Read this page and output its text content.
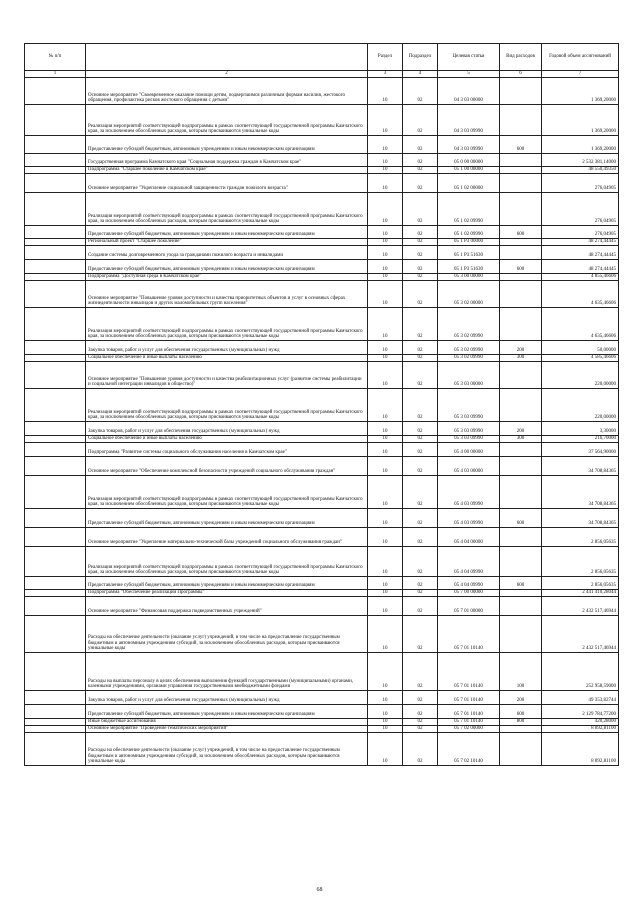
№ п/п		Раздел	Подраздел	Целевая статья	Вид расходов	Годовой объем ассигнований
1	2	3	4	5	6	7
	Основное мероприятие "Своевременное оказание помощи детям, подвергшимся различным формам насилия, жестокого обращения, профилактика рисков жестокого обращения с детьми"	10	02	04 3 03 00000		1 369,20000
	Реализация мероприятий соответствующей подпрограммы в рамках соответствующей государственной программы Камчатского края, за исключением обособленных расходов, которым присваиваются уникальные коды	10	02	04 3 03 09990		1 369,20000
	Предоставление субсидий бюджетным, автономным учреждениям и иным некоммерческим организациям	10	02	04 3 03 09990	600	1 369,20000
	Государственная программа Камчатского края "Социальная поддержка граждан в Камчатском крае"	10	02	05 0 00 00000		2 532 381,14000
	Подпрограмма "Старшее поколение в Камчатском крае"	10	02	05 1 00 00000		48 550,49350
	Основное мероприятие "Укрепление социальной защищенности граждан пожилого возраста"	10	02	05 1 02 00000		276,04905
	Реализация мероприятий соответствующей подпрограммы в рамках соответствующей государственной программы Камчатского края, за исключением обособленных расходов, которым присваиваются уникальные коды	10	02	05 1 02 09990		276,04905
	Предоставление субсидий бюджетным, автономным учреждениям и иным некоммерческим организациям	10	02	05 1 02 09990	600	276,04905
	Региональный проект "Старшее поколение"	10	02	05 1 P3 00000		48 274,44445
	Создание системы долговременного ухода за гражданами пожилого возраста и инвалидами	10	02	05 1 P3 51630		48 274,44445
	Предоставление субсидий бюджетным, автономным учреждениям и иным некоммерческим организациям	10	02	05 1 P3 51630	600	48 274,44445
	Подпрограмма "Доступная среда в Камчатском крае"	10	02	05 3 00 00000		4 855,46606
	Основное мероприятие "Повышение уровня доступности и качества приоритетных объектов и услуг в основных сферах жизнедеятельности инвалидов и других маломобильных групп населения"	10	02	05 3 02 00000		4 635,46606
	Реализация мероприятий соответствующей подпрограммы в рамках соответствующей государственной программы Камчатского края, за исключением обособленных расходов, которым присваиваются уникальные коды	10	02	05 3 02 09990		4 635,46606
	Закупка товаров, работ и услуг для обеспечения государственных (муниципальных) нужд	10	02	05 3 02 09990	200	50,00000
	Социальное обеспечение и иные выплаты населению	10	02	05 3 02 09990	300	4 585,46606
	Основное мероприятие "Повышение уровня доступности и качества реабилитационных услуг (развитие системы реабилитации и социальной интеграции инвалидов в общество)"	10	02	05 3 03 00000		220,00000
	Реализация мероприятий соответствующей подпрограммы в рамках соответствующей государственной программы Камчатского края, за исключением обособленных расходов, которым присваиваются уникальные коды	10	02	05 3 03 09990		220,00000
	Закупка товаров, работ и услуг для обеспечения государственных (муниципальных) нужд	10	02	05 3 03 09990	200	3,30000
	Социальное обеспечение и иные выплаты населению	10	02	05 3 03 09990	300	216,70000
	Подпрограмма "Развитие системы социального обслуживания населения в Камчатском крае"	10	02	05 4 00 00000		37 564,90000
	Основное мероприятие "Обеспечение комплексной безопасности учреждений социального обслуживания граждан"	10	02	05 4 03 00000		34 708,84365
	Реализация мероприятий соответствующей подпрограммы в рамках соответствующей государственной программы Камчатского края, за исключением обособленных расходов, которым присваиваются уникальные коды	10	02	05 4 03 09990		34 708,84365
	Предоставление субсидий бюджетным, автономным учреждениям и иным некоммерческим организациям	10	02	05 4 03 09990	600	34 708,84365
	Основное мероприятие "Укрепление материально-технической базы учреждений социального обслуживания граждан"	10	02	05 4 04 00000		2 856,05635
	Реализация мероприятий соответствующей подпрограммы в рамках соответствующей государственной программы Камчатского края, за исключением обособленных расходов, которым присваиваются уникальные коды	10	02	05 4 04 09990		2 856,05635
	Предоставление субсидий бюджетным, автономным учреждениям и иным некоммерческим организациям	10	02	05 4 04 09990	600	2 856,05635
	Подпрограмма "Обеспечение реализации Программы"	10	02	05 7 00 00000		2 441 410,28044
	Основное мероприятие "Финансовая поддержка подведомственных учреждений"	10	02	05 7 01 00000		2 432 517,46944
	Расходы на обеспечение деятельности (оказание услуг) учреждений, в том числе на предоставление государственным бюджетным и автономным учреждениям субсидий, за исключением обособленных расходов, которым присваиваются уникальные коды	10	02	05 7 01 10140		2 432 517,46944
	Расходы на выплаты персоналу в целях обеспечения выполнения функций государственными (муниципальными) органами, казенными учреждениями, органами управления государственными внебюджетными фондами	10	02	05 7 01 10140	100	252 958,59000
	Закупка товаров, работ и услуг для обеспечения государственных (муниципальных) нужд	10	02	05 7 01 10140	200	49 353,82744
	Предоставление субсидий бюджетным, автономным учреждениям и иным некоммерческим организациям	10	02	05 7 01 10140	600	2 129 784,77200
	Иные бюджетные ассигнования	10	02	05 7 01 10140	800	420,28000
	Основное мероприятие "Проведение тематических мероприятий"	10	02	05 7 02 00000		8 892,81100
	Расходы на обеспечение деятельности (оказание услуг) учреждений, в том числе на предоставление государственным бюджетным и автономным учреждениям субсидий, за исключением обособленных расходов, которым присваиваются уникальные коды	10	02	05 7 02 10140		8 892,81100
68
